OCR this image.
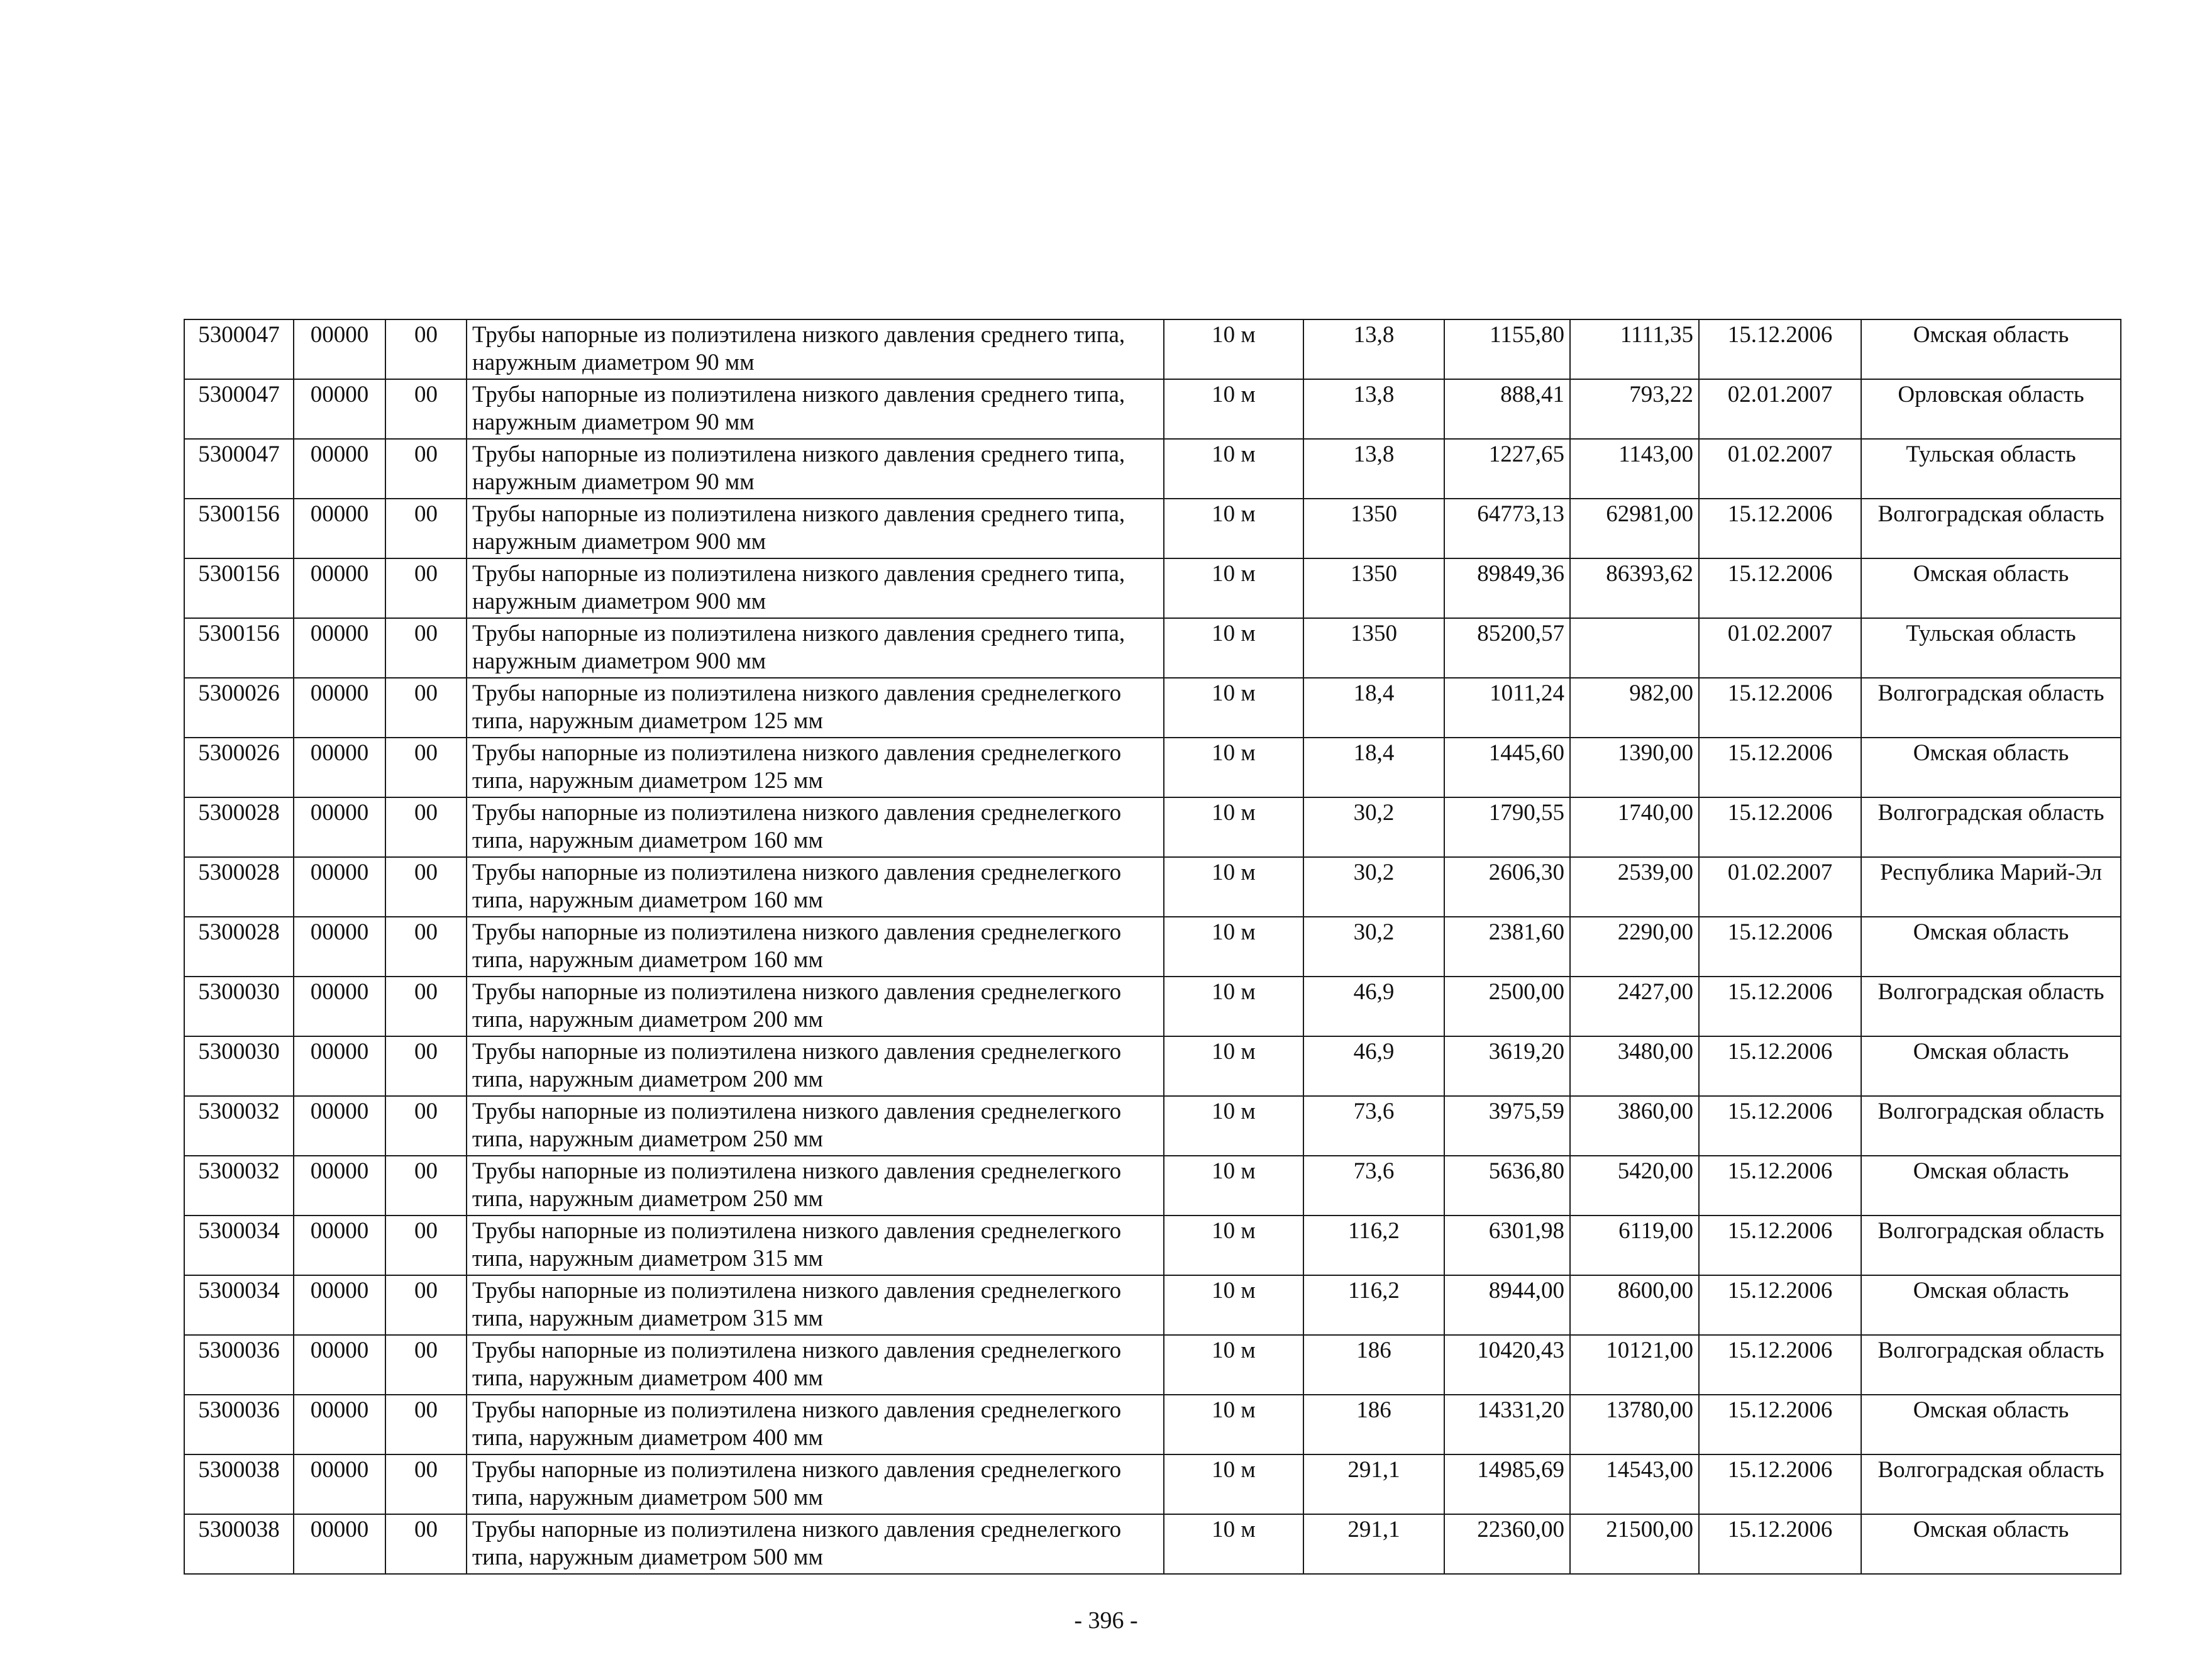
5300047	00000	00	Трубы напорные из полиэтилена низкого давления среднего типа, наружным диаметром 90 мм	10 м	13,8	1155,80	1111,35	15.12.2006	Омская область
5300047	00000	00	Трубы напорные из полиэтилена низкого давления среднего типа, наружным диаметром 90 мм	10 м	13,8	888,41	793,22	02.01.2007	Орловская область
5300047	00000	00	Трубы напорные из полиэтилена низкого давления среднего типа, наружным диаметром 90 мм	10 м	13,8	1227,65	1143,00	01.02.2007	Тульская область
5300156	00000	00	Трубы напорные из полиэтилена низкого давления среднего типа, наружным диаметром 900 мм	10 м	1350	64773,13	62981,00	15.12.2006	Волгоградская область
5300156	00000	00	Трубы напорные из полиэтилена низкого давления среднего типа, наружным диаметром 900 мм	10 м	1350	89849,36	86393,62	15.12.2006	Омская область
5300156	00000	00	Трубы напорные из полиэтилена низкого давления среднего типа, наружным диаметром 900 мм	10 м	1350	85200,57		01.02.2007	Тульская область
5300026	00000	00	Трубы напорные из полиэтилена низкого давления среднелегкого типа, наружным диаметром 125 мм	10 м	18,4	1011,24	982,00	15.12.2006	Волгоградская область
5300026	00000	00	Трубы напорные из полиэтилена низкого давления среднелегкого типа, наружным диаметром 125 мм	10 м	18,4	1445,60	1390,00	15.12.2006	Омская область
5300028	00000	00	Трубы напорные из полиэтилена низкого давления среднелегкого типа, наружным диаметром 160 мм	10 м	30,2	1790,55	1740,00	15.12.2006	Волгоградская область
5300028	00000	00	Трубы напорные из полиэтилена низкого давления среднелегкого типа, наружным диаметром 160 мм	10 м	30,2	2606,30	2539,00	01.02.2007	Республика Марий-Эл
5300028	00000	00	Трубы напорные из полиэтилена низкого давления среднелегкого типа, наружным диаметром 160 мм	10 м	30,2	2381,60	2290,00	15.12.2006	Омская область
5300030	00000	00	Трубы напорные из полиэтилена низкого давления среднелегкого типа, наружным диаметром 200 мм	10 м	46,9	2500,00	2427,00	15.12.2006	Волгоградская область
5300030	00000	00	Трубы напорные из полиэтилена низкого давления среднелегкого типа, наружным диаметром 200 мм	10 м	46,9	3619,20	3480,00	15.12.2006	Омская область
5300032	00000	00	Трубы напорные из полиэтилена низкого давления среднелегкого типа, наружным диаметром 250 мм	10 м	73,6	3975,59	3860,00	15.12.2006	Волгоградская область
5300032	00000	00	Трубы напорные из полиэтилена низкого давления среднелегкого типа, наружным диаметром 250 мм	10 м	73,6	5636,80	5420,00	15.12.2006	Омская область
5300034	00000	00	Трубы напорные из полиэтилена низкого давления среднелегкого типа, наружным диаметром 315 мм	10 м	116,2	6301,98	6119,00	15.12.2006	Волгоградская область
5300034	00000	00	Трубы напорные из полиэтилена низкого давления среднелегкого типа, наружным диаметром 315 мм	10 м	116,2	8944,00	8600,00	15.12.2006	Омская область
5300036	00000	00	Трубы напорные из полиэтилена низкого давления среднелегкого типа, наружным диаметром 400 мм	10 м	186	10420,43	10121,00	15.12.2006	Волгоградская область
5300036	00000	00	Трубы напорные из полиэтилена низкого давления среднелегкого типа, наружным диаметром 400 мм	10 м	186	14331,20	13780,00	15.12.2006	Омская область
5300038	00000	00	Трубы напорные из полиэтилена низкого давления среднелегкого типа, наружным диаметром 500 мм	10 м	291,1	14985,69	14543,00	15.12.2006	Волгоградская область
5300038	00000	00	Трубы напорные из полиэтилена низкого давления среднелегкого типа, наружным диаметром 500 мм	10 м	291,1	22360,00	21500,00	15.12.2006	Омская область
- 396 -
